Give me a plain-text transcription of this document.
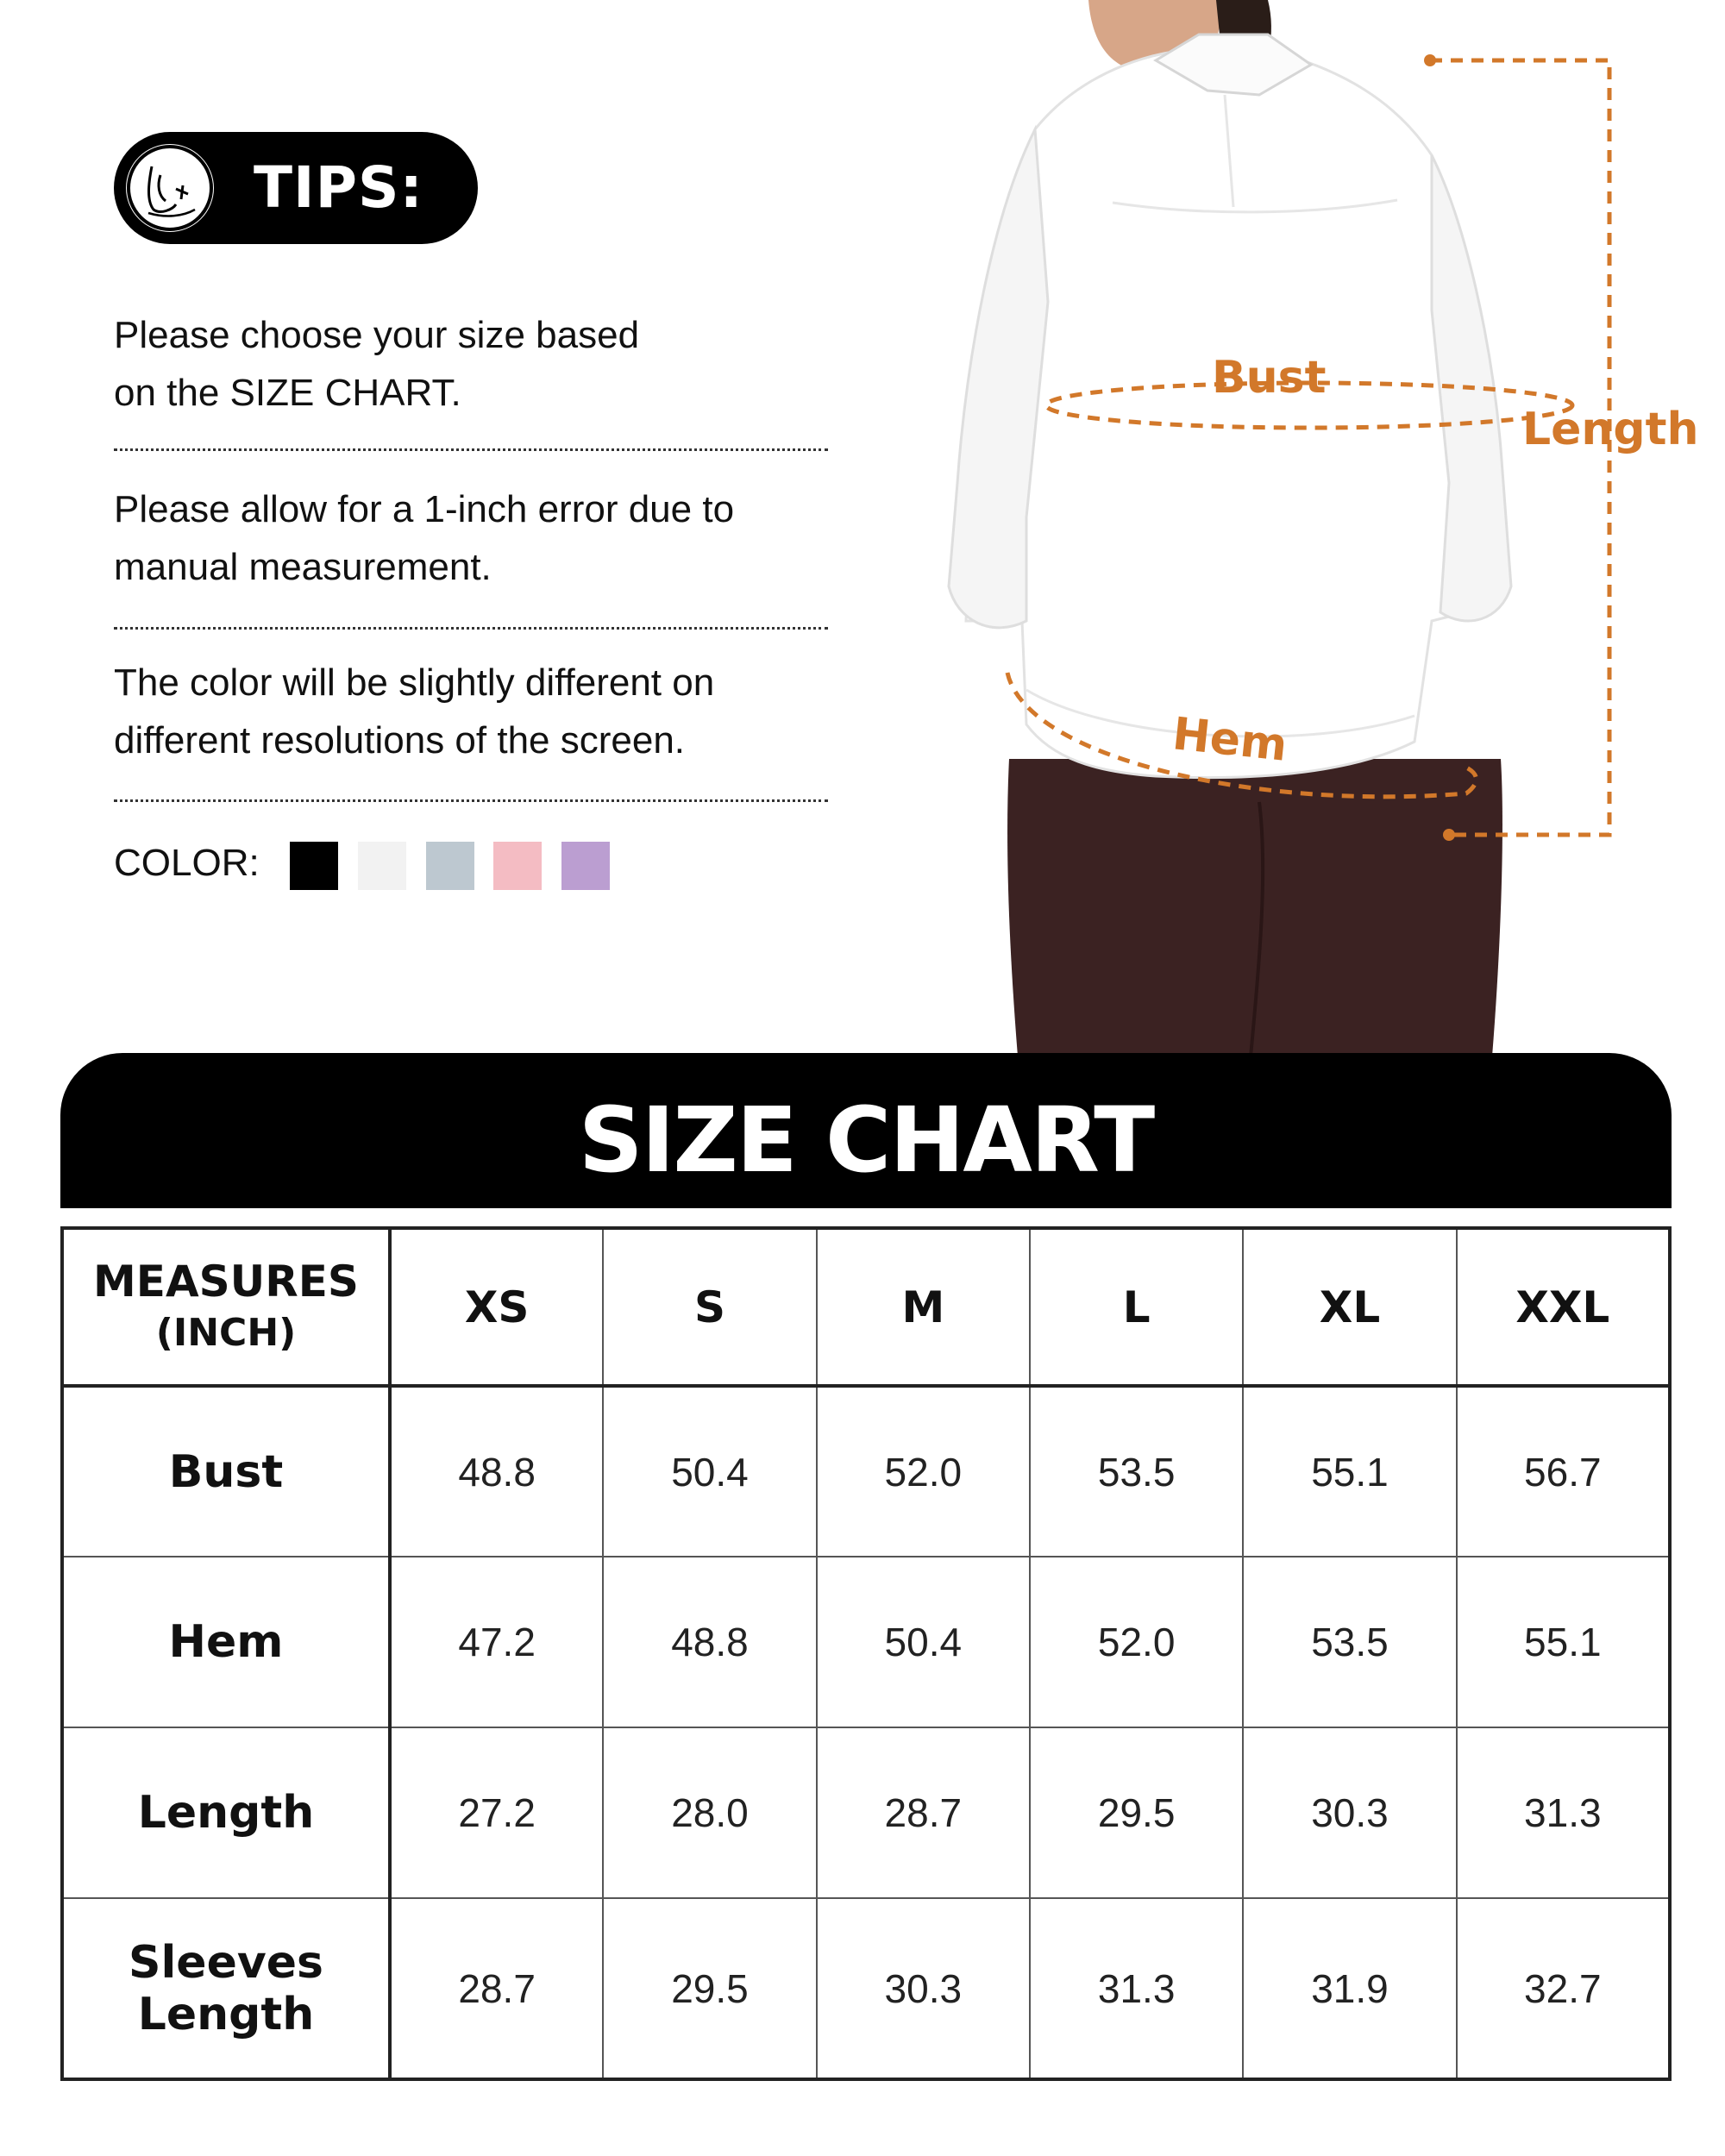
TIPS:
Please choose your size based
on the SIZE CHART.
Please allow for a 1-inch error due to
manual measurement.
The color will be slightly different on
different resolutions of the screen.
COLOR:
Bust
Length
Hem
SIZE CHART
MEASURES
(INCH)	XS	S	M	L	XL	XXL
Bust	48.8	50.4	52.0	53.5	55.1	56.7
Hem	47.2	48.8	50.4	52.0	53.5	55.1
Length	27.2	28.0	28.7	29.5	30.3	31.3

Sleeves
Length	28.7	29.5	30.3	31.3	31.9	32.7
